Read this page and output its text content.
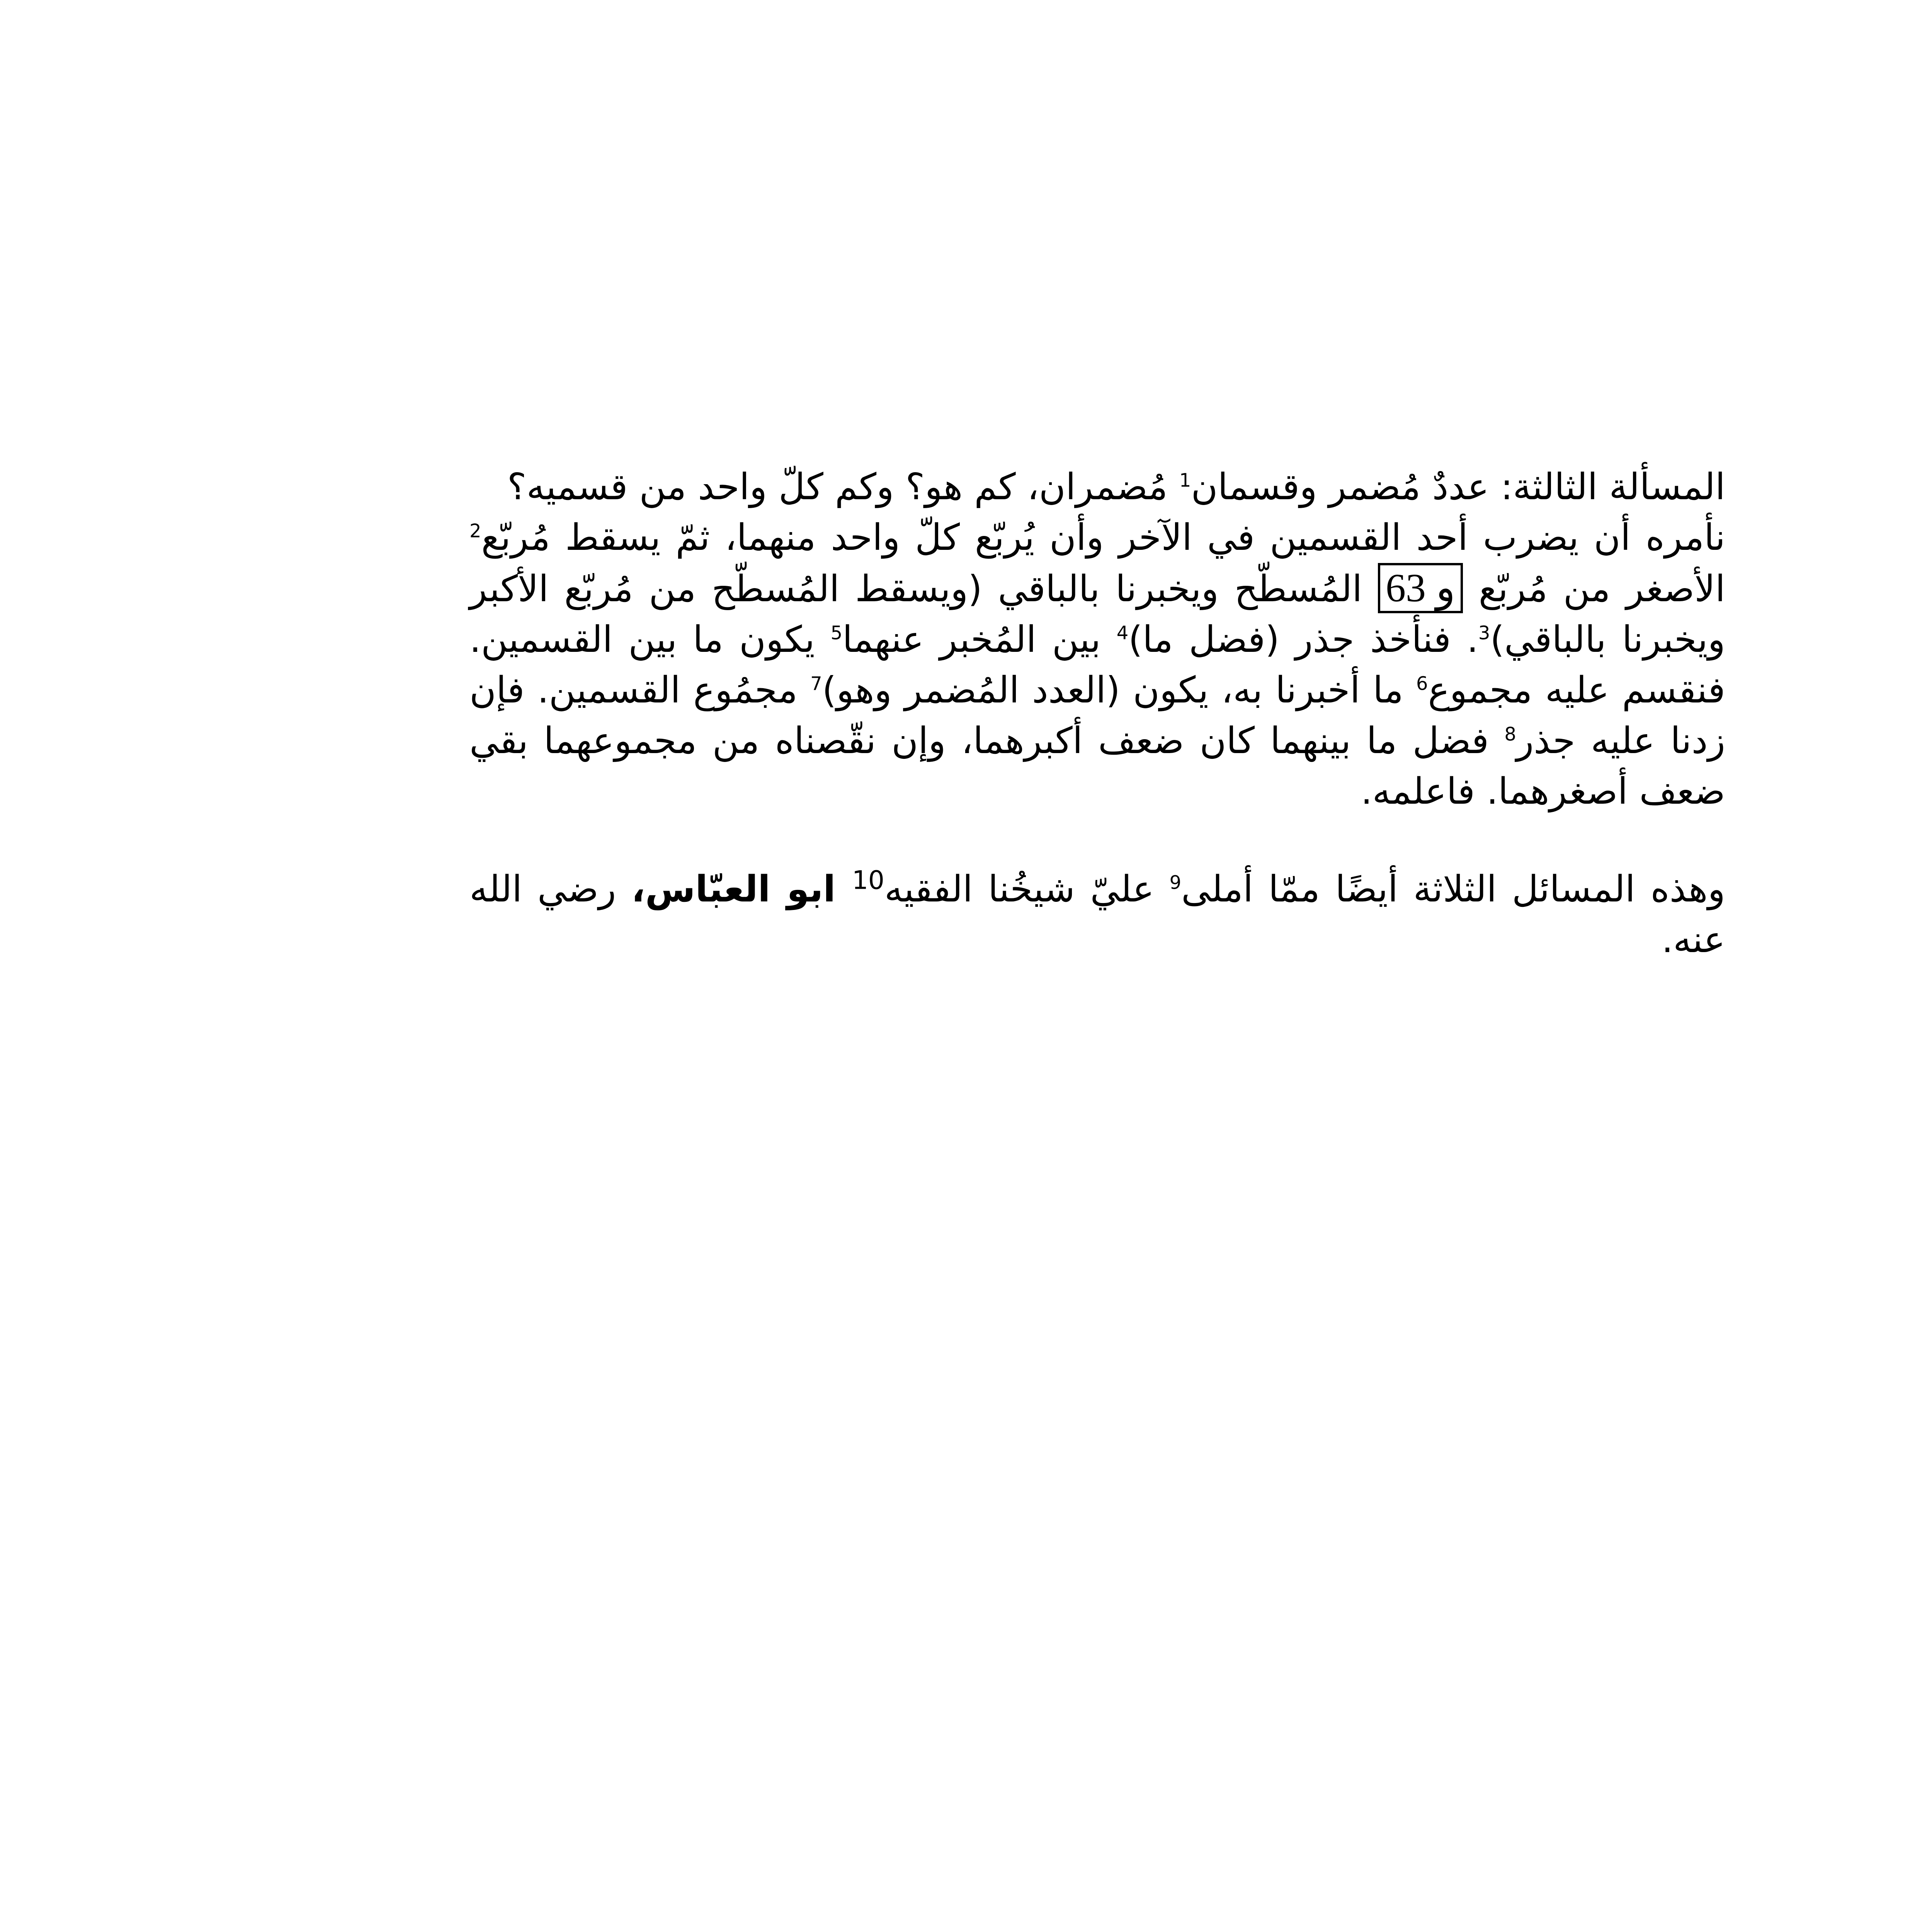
المسألة الثالثة: عددٌ مُضمر وقسمان$^1$ مُضمران، كم هو؟ وكم كلّ واحد من قسميه؟

نأمره أن يضرب أحد القسمين في الآخر وأن يُربّع كلّ واحد منهما، ثمّ يسقط مُربّع$^2$ الأصغر من مُربّع 63 و المُسطّح ويخبرنا بالباقي (ويسقط المُسطّح من مُربّع الأكبر ويخبرنا بالباقي)$^3$. فنأخذ جذر (فضل ما)$^4$ بين المُخبر عنهما$^5$ يكون ما بين القسمين. فنقسم عليه مجموع$^6$ ما أخبرنا به، يكون (العدد المُضمر وهو)$^7$ مجمُوع القسمين. فإن زدنا عليه جذر$^8$ فضل ما بينهما كان ضعف أكبرهما، وإن نقّصناه من مجموعهما بقي ضعف أصغرهما. فاعلمه.

وهذه المسائل الثلاثة أيضًا ممّا أملى$^9$ عليّ شيخُنا الفقيه$^{10}$ ابو العبّاس، رضي الله عنه.
